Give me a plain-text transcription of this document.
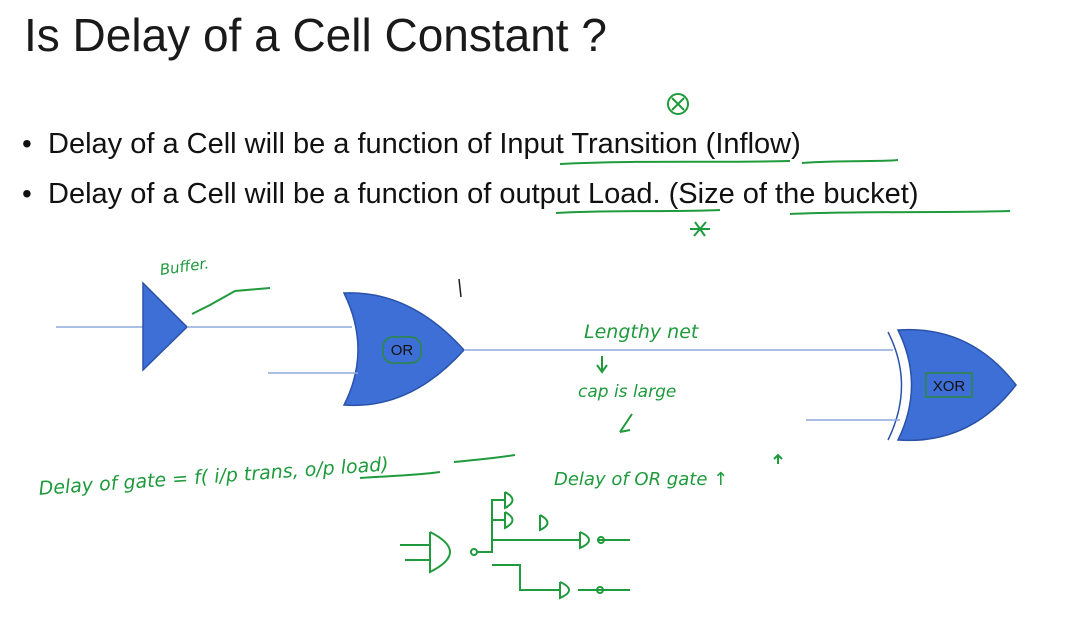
Is Delay of a Cell Constant ?
• Delay of a Cell will be a function of Input Transition (Inflow)
• Delay of a Cell will be a function of output Load. (Size of the bucket)
OR
XOR
Buffer.
Lengthy net
cap is large
Delay of gate = f( i/p trans, o/p load)	Delay of OR gate ↑
